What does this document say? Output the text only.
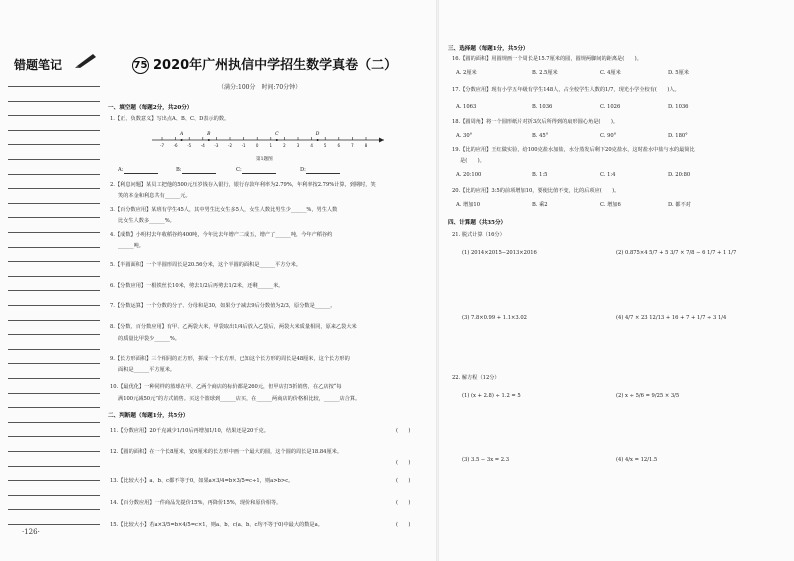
错题笔记
·126·
75 2020年广州执信中学招生数学真卷（二）
（满分:100分　时间:70分钟）
一、填空题（每题2分，共20分）
1.【正、负数意义】写出点A、B、C、D表示的数。
-7 -6 -5 -4 -3 -2 -1	0	1	2	3	4	5	6	7	8
A	B	C	D
第1题图
A:	B:	C:	D:
2.【利息问题】某员工把他的500元压岁钱存入银行，银行存款年利率为2.79%，年利率按2.79%计算，到期时，笑
笑的本金和利息共有______元。
3.【百分数应用】某班有学生45人，其中男生比女生多5人，女生人数比男生少______%，男生人数
比女生人数多______%。
4.【成数】小明村去年收稻谷约400吨，今年比去年增产二成五，增产了______吨，今年产稻谷约
______吨。
5.【半圆面积】一个半圆形周长是20.56分米，这个半圆的面积是______平方分米。
6.【分数应用】一根铁丝长10米，剪去1/2后再剪去1/2米，还剩______米。
7.【分数运算】一个分数的分子、分母和是30，如果分子减去9后分数值为2/3，原分数是______。
8.【分数、百分数应用】有甲、乙两袋大米，甲袋取出1/4后放入乙袋后，两袋大米质量相同，原来乙袋大米
的质量比甲袋少______%。
9.【长方形面积】三个相同的正方形，拼成一个长方形，已知这个长方形的周长是48厘米，这个长方形的
面积是______平方厘米。
10.【最优化】一种同样的篮球在甲、乙两个商店的标价都是260元，但甲店打5折销售，在乙店按“每
满100元减50元”的方式销售。买这个篮球到______店买，在______两商店的价格相比较，______店合算。
二、判断题（每题1分，共5分）
11.【分数应用】20千克减少1/10后再增加1/10，结果还是20千克。	(　　)
12.【圆的面积】在一个长8厘米，宽6厘米的长方形中画一个最大的圆，这个圆的周长是18.84厘米。
(　　)
13.【比较大小】a、b、c都不等于0，如果a×3/4=b×3/5=c÷1，则a>b>c。	(　　)
14.【百分数应用】一件商品先提价15%，再降价15%，现价和原价相等。	(　　)
15.【比较大小】若a×3/5=b×4/5=c×1，则a、b、c(a、b、c均不等于0)中最大的数是a。	(　　)
三、选择题（每题1分，共5分）
16.【圆的面积】用圆规画一个周长是15.7厘米的圆，圆规两脚间的距离是(　　)。
A. 2厘米	B. 2.5厘米	C. 4厘米	D. 5厘米
17.【分数应用】现有小学五年级有学生148人，占全校学生人数的1/7，现光小学全校有(　　)人。
A. 1063	B. 1036	C. 1026	D. 1036
18.【圆周角】将一个圆形纸片对折3次后所得到的扇形圆心角是(　　)。
A. 30°	B. 45°	C. 90°	D. 180°
19.【比的应用】王红做实验，给100克盐水加盐，水分蒸发后剩下20克盐水，这时盐水中盐与水的最简比
是(　　)。
A. 20:100	B. 1:5	C. 1:4	D. 20:80
20.【比的应用】3:5的前项增加10，要使比值不变，比的后项应(　　)。
A. 增加10	B. 乘2	C. 增加6	D. 都不对
四、计算题（共35分）
21. 脱式计算（16分）
(1) 2014×2015−2013×2016	(2) 0.875×4 5/7 + 5 3/7 × 7/8 − 6 1/7 + 1 1/7
(3) 7.8×0.99 + 1.1×3.02	(4) 4/7 × 23 12/13 + 16 + 7 + 1/7 ÷ 3 1/4
22. 解方程（12分）
(1) (x + 2.8) ÷ 1.2 = 5	(2) x ÷ 5/6 = 9/25 × 3/5
(3) 3.5 − 3x = 2.3	(4) 4/x = 12/1.5
